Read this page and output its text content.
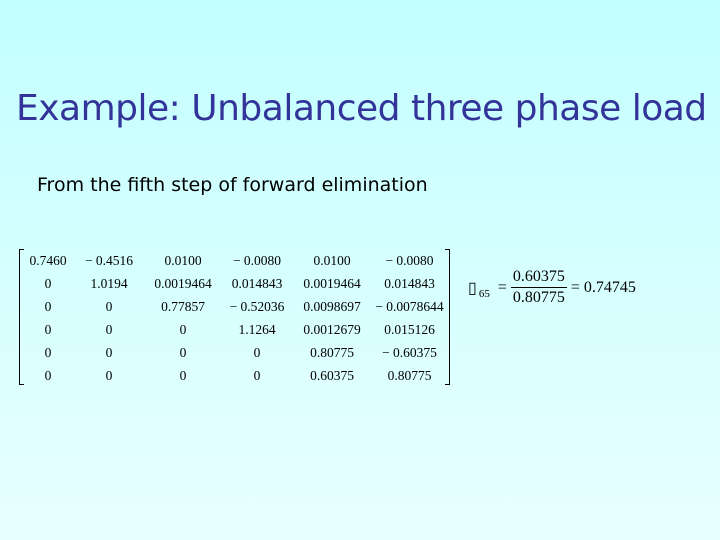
Example: Unbalanced three phase load
From the fifth step of forward elimination
0.7460	− 0.4516	0.0100	− 0.0080	0.0100	− 0.0080
0	1.0194	0.0019464	0.014843	0.0019464	0.014843
0	0	0.77857	− 0.52036	0.0098697	− 0.0078644
0	0	0	1.1264	0.0012679	0.015126
0	0	0	0	0.80775	− 0.60375
0	0	0	0	0.60375	0.80775
▯ $65 = \frac{0.60375}{0.80775} = 0.74745$
